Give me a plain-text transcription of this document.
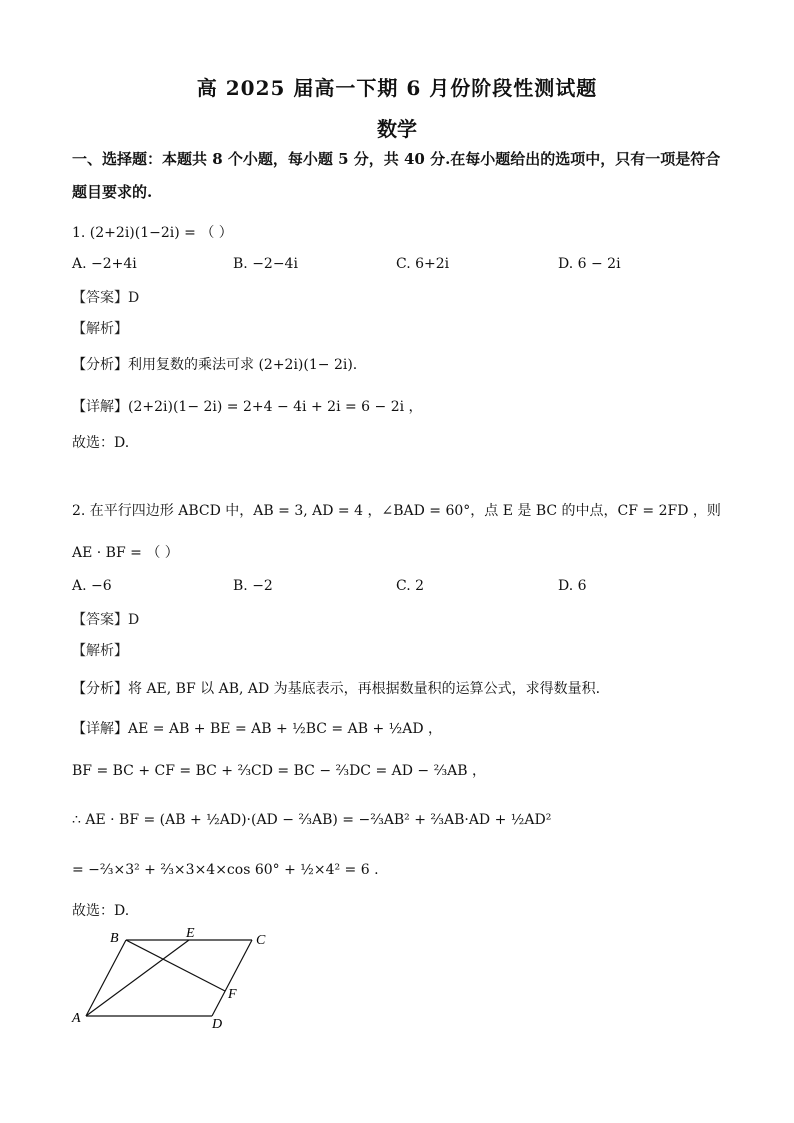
高 2025 届高一下期 6 月份阶段性测试题
数学
一、选择题：本题共 8 个小题，每小题 5 分，共 40 分.在每小题给出的选项中，只有一项是符合题目要求的.
1. (2+2i)(1−2i) = （ ）
A. −2+4i	B. −2−4i	C. 6+2i	D. 6 − 2i
【答案】D
【解析】
【分析】利用复数的乘法可求 (2+2i)(1− 2i).
【详解】(2+2i)(1− 2i) = 2+4 − 4i + 2i = 6 − 2i ，
故选：D.
2. 在平行四边形 ABCD 中，AB = 3, AD = 4 ，∠BAD = 60°，点 E 是 BC 的中点，CF = 2FD ，则
AE · BF = （ ）
A. −6	B. −2	C. 2	D. 6
【答案】D
【解析】
【分析】将 AE, BF 以 AB, AD 为基底表示，再根据数量积的运算公式，求得数量积.
【详解】AE = AB + BE = AB + ½BC = AB + ½AD ，
BF = BC + CF = BC + ⅔CD = BC − ⅔DC = AD − ⅔AB ，
∴ AE · BF = (AB + ½AD)·(AD − ⅔AB) = −⅔AB² + ⅔AB·AD + ½AD²
= −⅔×3² + ⅔×3×4×cos 60° + ½×4² = 6 .
故选：D.
B	E	C
F
A	D
